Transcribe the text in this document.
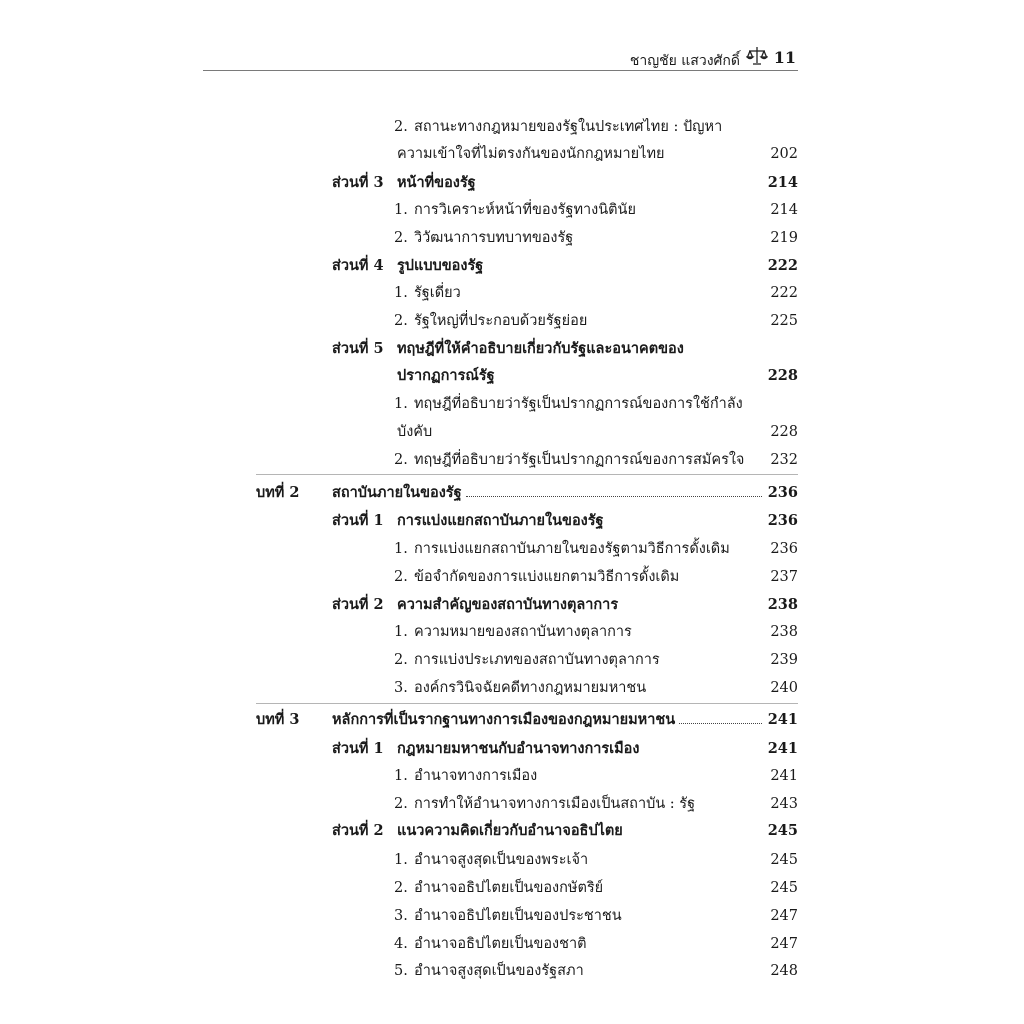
ชาญชัย แสวงศักดิ์ 11
2. สถานะทางกฎหมายของรัฐในประเทศไทย : ปัญหา
ความเข้าใจที่ไม่ตรงกันของนักกฎหมายไทย	202
ส่วนที่ 3 หน้าที่ของรัฐ	214
1. การวิเคราะห์หน้าที่ของรัฐทางนิตินัย	214
2. วิวัฒนาการบทบาทของรัฐ	219
ส่วนที่ 4 รูปแบบของรัฐ	222
1. รัฐเดี่ยว	222
2. รัฐใหญ่ที่ประกอบด้วยรัฐย่อย	225
ส่วนที่ 5 ทฤษฎีที่ให้คำอธิบายเกี่ยวกับรัฐและอนาคตของ
ปรากฏการณ์รัฐ	228
1. ทฤษฎีที่อธิบายว่ารัฐเป็นปรากฏการณ์ของการใช้กำลัง
บังคับ	228
2. ทฤษฎีที่อธิบายว่ารัฐเป็นปรากฏการณ์ของการสมัครใจ 232
บทที่ 2 สถาบันภายในของรัฐ	236
ส่วนที่ 1 การแบ่งแยกสถาบันภายในของรัฐ	236
1. การแบ่งแยกสถาบันภายในของรัฐตามวิธีการดั้งเดิม	236
2. ข้อจำกัดของการแบ่งแยกตามวิธีการดั้งเดิม	237
ส่วนที่ 2 ความสำคัญของสถาบันทางตุลาการ	238
1. ความหมายของสถาบันทางตุลาการ	238
2. การแบ่งประเภทของสถาบันทางตุลาการ	239
3. องค์กรวินิจฉัยคดีทางกฎหมายมหาชน	240
บทที่ 3 หลักการที่เป็นรากฐานทางการเมืองของกฎหมายมหาชน	241
ส่วนที่ 1 กฎหมายมหาชนกับอำนาจทางการเมือง	241
1. อำนาจทางการเมือง	241
2. การทำให้อำนาจทางการเมืองเป็นสถาบัน : รัฐ	243
ส่วนที่ 2 แนวความคิดเกี่ยวกับอำนาจอธิปไตย	245
1. อำนาจสูงสุดเป็นของพระเจ้า	245
2. อำนาจอธิปไตยเป็นของกษัตริย์	245
3. อำนาจอธิปไตยเป็นของประชาชน	247
4. อำนาจอธิปไตยเป็นของชาติ	247
5. อำนาจสูงสุดเป็นของรัฐสภา	248
